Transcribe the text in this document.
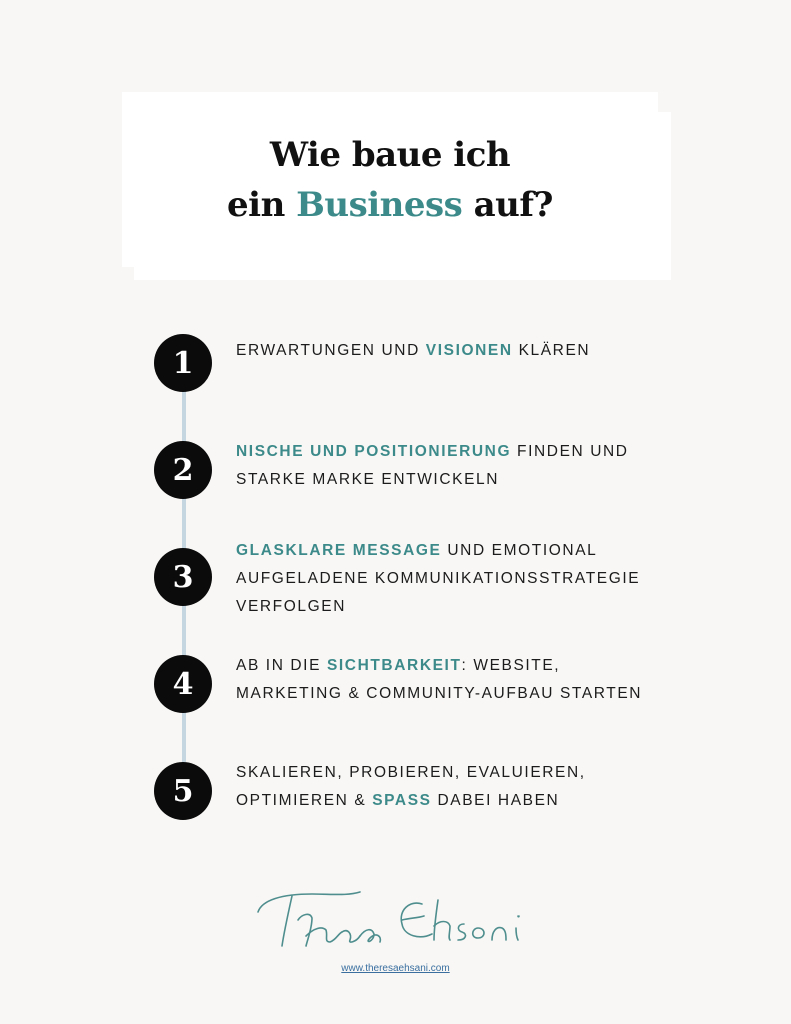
Wie baue ich
ein Business auf?
1	ERWARTUNGEN UND VISIONEN KLÄREN
2
NISCHE UND POSITIONIERUNG FINDEN UND STARKE MARKE ENTWICKELN
3
GLASKLARE MESSAGE UND EMOTIONAL AUFGELADENE KOMMUNIKATIONSSTRATEGIE VERFOLGEN
4
AB IN DIE SICHTBARKEIT: WEBSITE, MARKETING & COMMUNITY-AUFBAU STARTEN
5
SKALIEREN, PROBIEREN, EVALUIEREN, OPTIMIEREN & SPASS DABEI HABEN
www.theresaehsani.com
